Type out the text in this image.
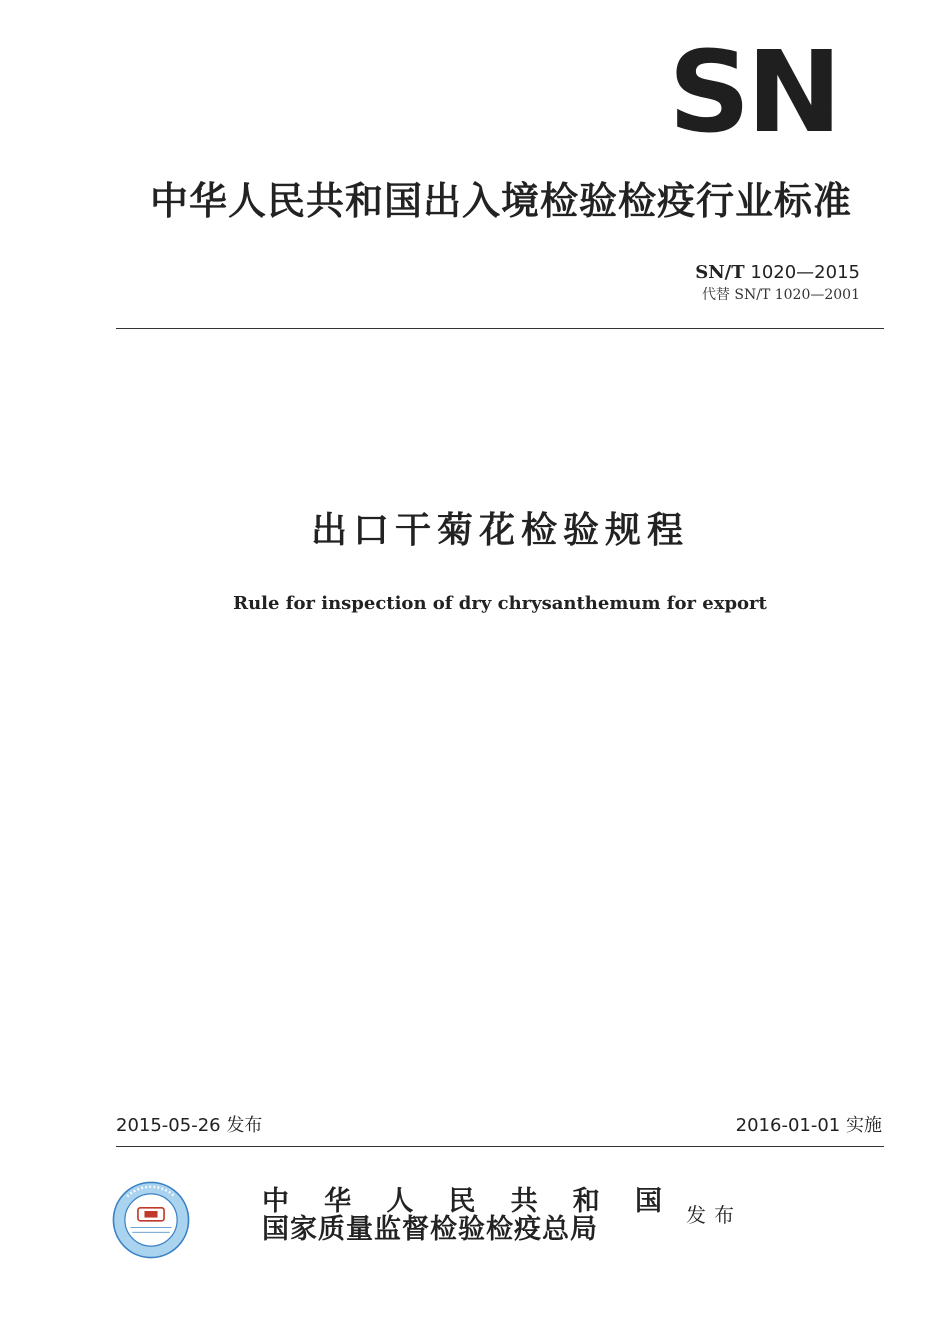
SN
中华人民共和国出入境检验检疫行业标准
SN/T 1020—2015
代替 SN/T 1020—2001
出口干菊花检验规程
Rule for inspection of dry chrysanthemum for export
2015-05-26 发布	2016-01-01 实施
中 华 人 民 共 和 国
国家质量监督检验检疫总局	发布
